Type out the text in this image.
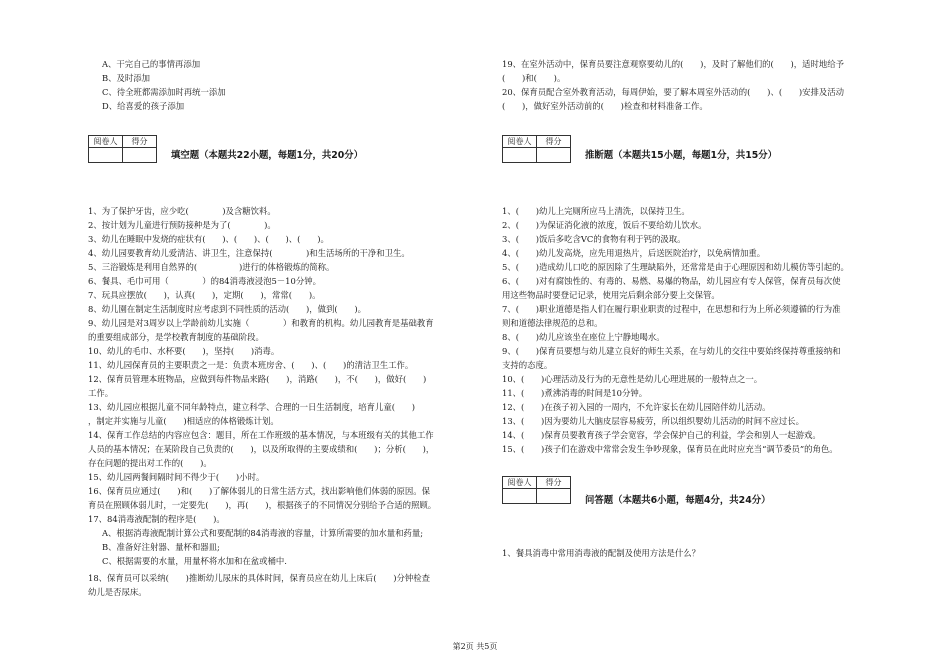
A、干完自己的事情再添加
B、及时添加
C、待全班都需添加时再统一添加
D、给喜爱的孩子添加
阅卷人	得分

填空题（本题共22小题，每题1分，共20分）
1、为了保护牙齿，应少吃(　　　　)及含糖饮料。
2、按计划为儿童进行预防接种是为了(　　　　)。
3、幼儿在睡眠中发烧的症状有(　　)、(　　)、(　　)、(　　)。
4、幼儿园要教育幼儿爱清洁、讲卫生，注意保持(　　　　)和生活场所的干净和卫生。
5、三浴锻炼是利用自然界的(　　　　　)进行的体格锻炼的简称。
6、餐具、毛巾可用（　　　　）的84消毒液浸泡5－10分钟。
7、玩具应摆放(　　)，认真(　　)，定期(　　)，常常(　　)。
8、幼儿園在制定生活制度时应考虑到不同性质的活动(　　)，做到(　　)。
9、幼儿园是对3周岁以上学龄前幼儿实施（　　　　）和教育的机构。幼儿园教育是基础教育
的重要组成部分，是学校教育制度的基础阶段。
10、幼儿的毛巾、水杯要(　　)，坚持(　　)消毒。
11、幼儿园保育员的主要职责之一是：负责本班房舍、(　　)、(　　)的清洁卫生工作。
12、保育员管理本班物品，应做到每件物品来路(　　)，消路(　　)，不(　　)，做好(　　)
工作。
13、幼儿园应根据儿童不同年龄特点，建立科学、合理的一日生活制度，培育儿童(　　)
，制定并实施与儿童(　　)相适应的体格锻炼计划。
14、保育工作总结的内容应包含：题目，所在工作班级的基本情况，与本班级有关的其他工作
人员的基本情况；在某阶段自己负责的(　　)，以及所取得的主要成绩和(　　)；分析(　　)，
存在问题的提出对工作的(　　)。
15、幼儿园两餐间隔时间不得少于(　　)小时。
16、保育员应通过(　　)和(　　)了解体弱儿的日常生活方式，找出影响他们体弱的原因。保
育员在照顾体弱儿时，一定要先(　　)，再(　　)，根据孩子的不同情况分别给予合适的照顾。
17、84消毒液配制的程序是(　　)。
A、根据消毒液配制计算公式和要配制的84消毒液的容量，计算所需要的加水量和药量;
B、准备好注射器、量杯和器皿;
C、根据需要的水量，用量杯将水加和在盆或桶中.
18、保育员可以采纳(　　)推断幼儿尿床的具体时间，保育员应在幼儿上床后(　　)分钟检查
幼儿是否尿床。
19、在室外活动中，保育员要注意观察要幼儿的(　　)，及时了解他们的(　　)，适时地给予
(　　)和(　　)。
20、保育员配合室外教育活动，每周伊始，要了解本周室外活动的(　　)、(　　)安排及活动
(　　)，做好室外活动前的(　　)检查和材料准备工作。
阅卷人	得分

推断题（本题共15小题，每题1分，共15分）
1、(　　)幼儿上完厕所应马上清洗，以保持卫生。
2、(　　)为保证消化液的浓度，饭后不要给幼儿饮水。
3、(　　)饭后多吃含VC的食物有利于钙的汲取。
4、(　　)幼儿发高烧，应先用退热片，后送医院治疗，以免病情加重。
5、(　　)造成幼儿口吃的原因除了生理缺陷外，还常常是由于心理原因和幼儿模仿等引起的。
6、(　　)对有腐蚀性的、有毒的、易燃、易爆的物品，幼儿园应有专人保管，保育员每次使
用这些物品时要登记记录，使用完后剩余部分要上交保管。
7、(　　)职业道德是指人们在履行职业职责的过程中，在思想和行为上所必须遵循的行为准
则和道德法律规范的总和。
8、(　　)幼儿应该坐在座位上宁静地喝水。
9、(　　)保育员要想与幼儿建立良好的师生关系，在与幼儿的交往中要始终保持尊重接纳和
支持的态度。
10、(　　)心理活动及行为的无意性是幼儿心理进展的一般特点之一。
11、(　　)煮沸消毒的时间是10分钟。
12、(　　)在孩子初入园的一周内，不允许家长在幼儿园陪伴幼儿活动。
13、(　　)因为要幼儿大脑皮层容易疲劳，所以组织婴幼儿活动的时间不应过长。
14、(　　)保育员要教育孩子学会宽容，学会保护自己的利益，学会和别人一起游戏。
15、(　　)孩子们在游戏中常常会发生争吵现象，保育员在此时应充当“调节委员”的角色。
阅卷人	得分

问答题（本题共6小题，每题4分，共24分）
1、餐具消毒中常用消毒液的配制及使用方法是什么？
第2页 共5页
